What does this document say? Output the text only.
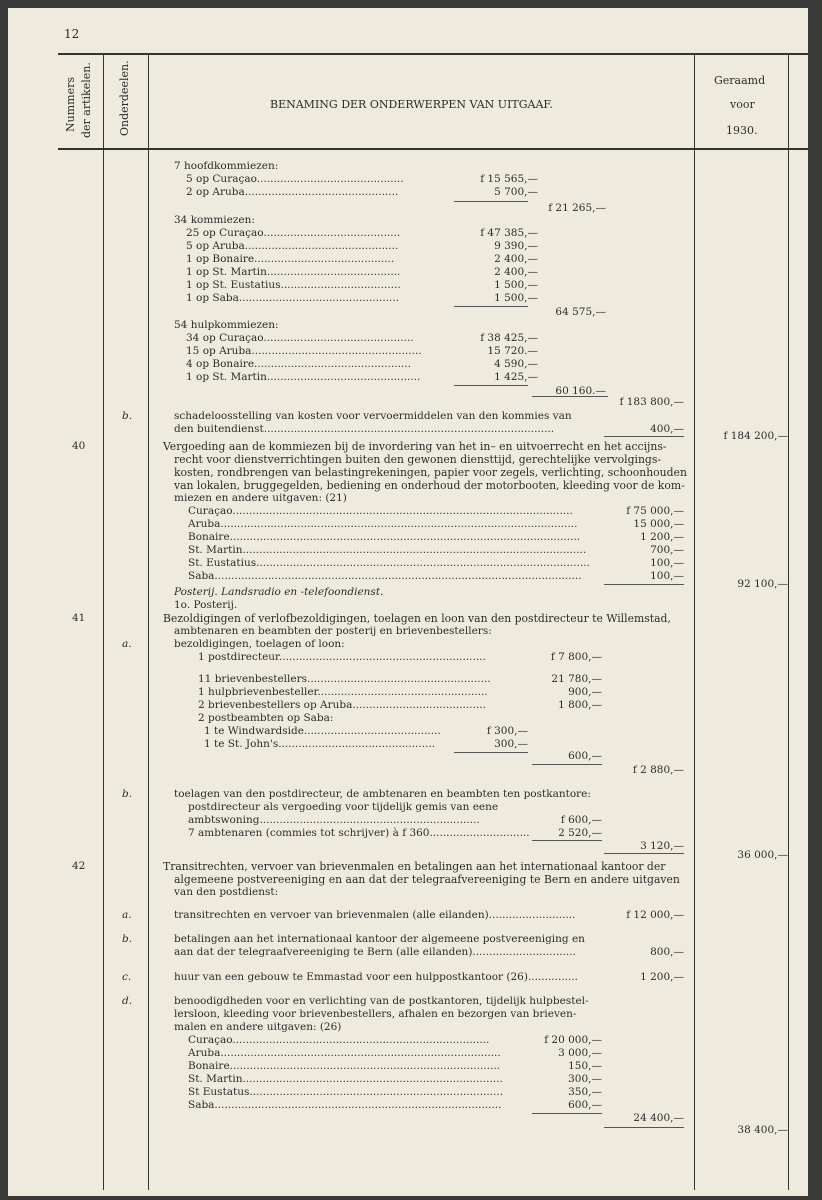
12
Nummers der artikelen. Onderdeelen.	BENAMING DER ONDERWERPEN VAN UITGAAF.
Geraamd
voor
1930.
7 hoofdkommiezen:
5 op Curaçao............................................	f 15 565,—
2 op Aruba..............................................	5 700,—
f 21 265,—
34 kommiezen:
25 op Curaçao.........................................	f 47 385,—
5 op Aruba..............................................	9 390,—
1 op Bonaire..........................................	2 400,—
1 op St. Martin........................................	2 400,—
1 op St. Eustatius....................................	1 500,—
1 op Saba................................................	1 500,—
64 575,—
54 hulpkommiezen:
34 op Curaçao.............................................	f 38 425,—
15 op Aruba...................................................	15 720.—
4 op Bonaire...............................................	4 590,—
1 op St. Martin..............................................	1 425,—
60 160.—
f 183 800,—
b.	schadeloosstelling van kosten voor vervoermiddelen van den kommies van
den buitendienst.......................................................................................	400,—
f 184 200,—
40	Vergoeding aan de kommiezen bij de invordering van het in– en uitvoerrecht en het accijns-
recht voor dienstverrichtingen buiten den gewonen diensttijd, gerechtelijke vervolgings-
kosten, rondbrengen van belastingrekeningen, papier voor zegels, verlichting, schoonhouden
van lokalen, bruggegelden, bediening en onderhoud der motorbooten, kleeding voor de kom-
miezen en andere uitgaven: (21)
Curaçao......................................................................................................	f 75 000,—
Aruba...........................................................................................................	15 000,—
Bonaire.........................................................................................................	1 200,—
St. Martin.......................................................................................................	700,—
St. Eustatius....................................................................................................	100,—
Saba..............................................................................................................	100,—
92 100,—
Posterij. Landsradio en -telefoondienst.
1o. Posterij.
41	Bezoldigingen of verlofbezoldigingen, toelagen en loon van den postdirecteur te Willemstad,
ambtenaren en beambten der posterij en brievenbestellers:
a.	bezoldigingen, toelagen of loon:
1 postdirecteur..............................................................	f 7 800,—
11 brievenbestellers.......................................................	21 780,—
1 hulpbrievenbesteller...................................................	900,—
2 brievenbestellers op Aruba........................................	1 800,—
2 postbeambten op Saba:
1 te Windwardside.........................................	f 300,—
1 te St. John's...............................................	300,—
600,—
f 2 880,—
b.	toelagen van den postdirecteur, de ambtenaren en beambten ten postkantore:
postdirecteur als vergoeding voor tijdelijk gemis van eene
ambtswoning..................................................................	f 600,—
7 ambtenaren (commies tot schrijver) à f 360..............................	2 520,—
3 120,—
36 000,—
42	Transitrechten, vervoer van brievenmalen en betalingen aan het internationaal kantoor der
algemeene postvereeniging en aan dat der telegraafvereeniging te Bern en andere uitgaven
van den postdienst:
a.	transitrechten en vervoer van brievenmalen (alle eilanden)..........................	f 12 000,—
b.	betalingen aan het internationaal kantoor der algemeene postvereeniging en
aan dat der telegraafvereeniging te Bern (alle eilanden)...............................	800,—
c.	huur van een gebouw te Emmastad voor een hulppostkantoor (26)...............	1 200,—
d.	benoodigdheden voor en verlichting van de postkantoren, tijdelijk hulpbestel-
lersloon, kleeding voor brievenbestellers, afhalen en bezorgen van brieven-
malen en andere uitgaven: (26)
Curaçao.............................................................................	f 20 000,—
Aruba....................................................................................	3 000,—
Bonaire.................................................................................	150,—
St. Martin..............................................................................	300,—
St Eustatus............................................................................	350,—
Saba......................................................................................	600,—
24 400,—
38 400,—
